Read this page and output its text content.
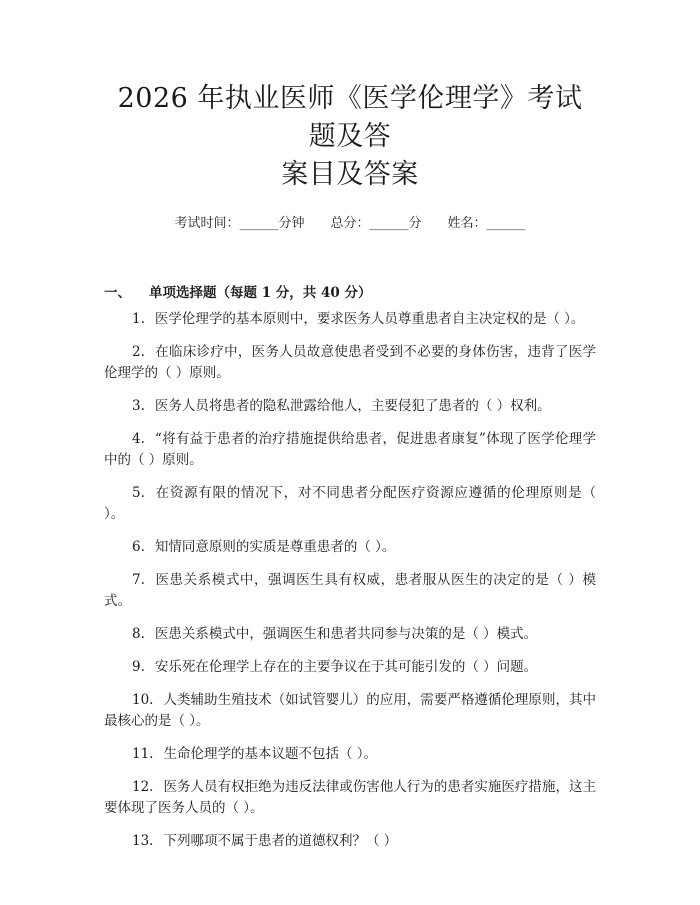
2026 年执业医师《医学伦理学》考试题及答
案目及答案
考试时间：______分钟 总分：______分 姓名：______
一、 单项选择题（每题 1 分，共 40 分）

1. 医学伦理学的基本原则中，要求医务人员尊重患者自主决定权的是（ ）。

2. 在临床诊疗中，医务人员故意使患者受到不必要的身体伤害，违背了医学伦理学的（ ）原则。

3. 医务人员将患者的隐私泄露给他人，主要侵犯了患者的（ ）权利。

4. “将有益于患者的治疗措施提供给患者，促进患者康复”体现了医学伦理学中的（ ）原则。

5. 在资源有限的情况下，对不同患者分配医疗资源应遵循的伦理原则是（ ）。

6. 知情同意原则的实质是尊重患者的（ ）。

7. 医患关系模式中，强调医生具有权威，患者服从医生的决定的是（ ）模式。

8. 医患关系模式中，强调医生和患者共同参与决策的是（ ）模式。

9. 安乐死在伦理学上存在的主要争议在于其可能引发的（ ）问题。

10. 人类辅助生殖技术（如试管婴儿）的应用，需要严格遵循伦理原则，其中最核心的是（ ）。

11. 生命伦理学的基本议题不包括（ ）。

12. 医务人员有权拒绝为违反法律或伤害他人行为的患者实施医疗措施，这主要体现了医务人员的（ ）。

13. 下列哪项不属于患者的道德权利？（ ）
